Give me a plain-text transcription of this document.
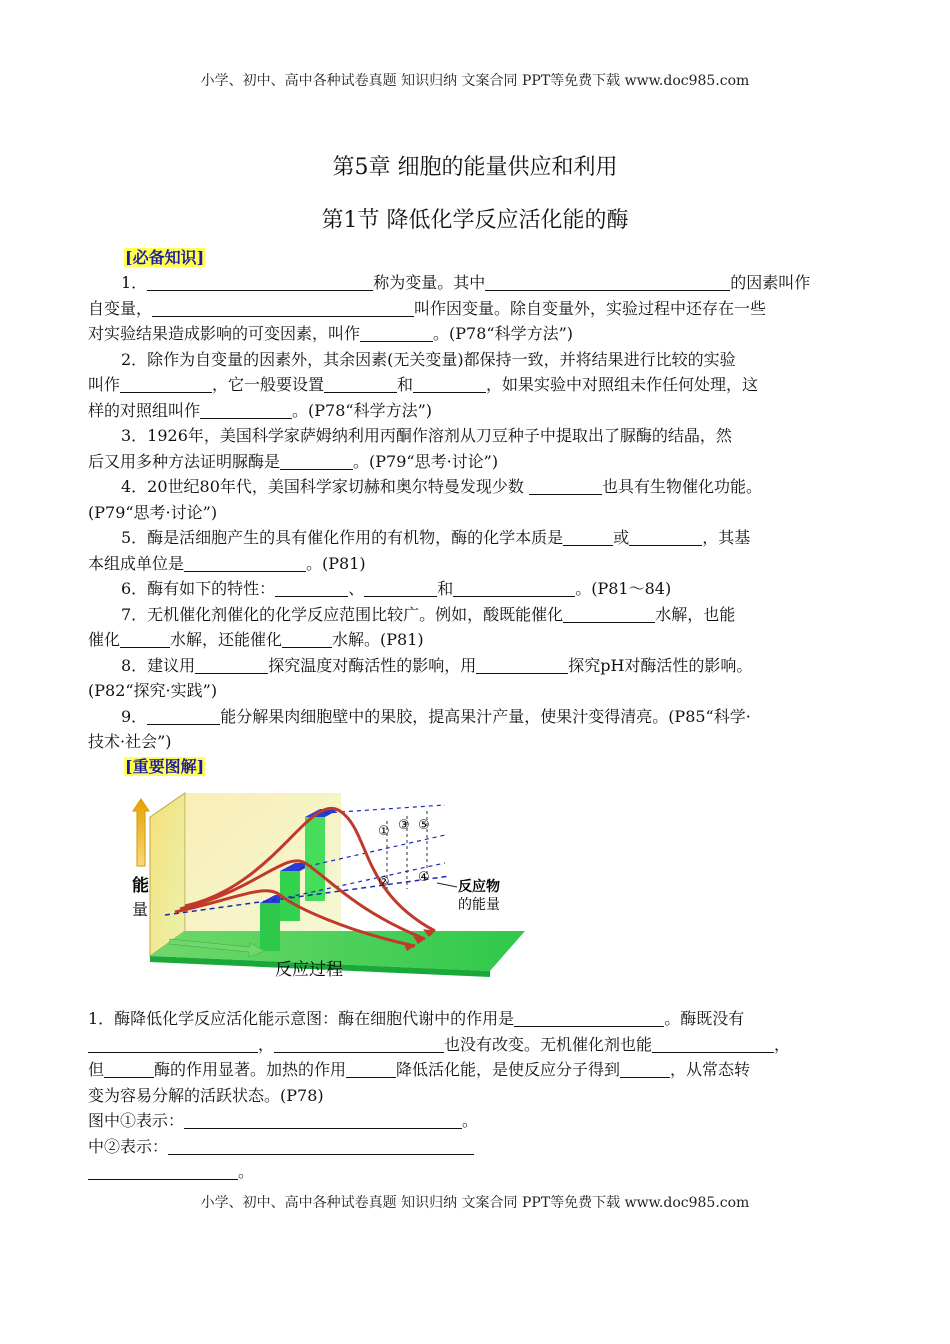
小学、初中、高中各种试卷真题 知识归纳 文案合同 PPT等免费下载 www.doc985.com
第5章 细胞的能量供应和利用
第1节 降低化学反应活化能的酶
[必备知识]

1．	称为变量。其中	的因素叫作

自变量，	叫作因变量。除自变量外，实验过程中还存在一些

对实验结果造成影响的可变因素，叫作	。(P78“科学方法”)

2．除作为自变量的因素外，其余因素(无关变量)都保持一致，并将结果进行比较的实验

叫作	，它一般要设置	和	，如果实验中对照组未作任何处理，这

样的对照组叫作	。(P78“科学方法”)

3．1926年，美国科学家萨姆纳利用丙酮作溶剂从刀豆种子中提取出了脲酶的结晶，然

后又用多种方法证明脲酶是	。(P79“思考·讨论”)

4．20世纪80年代，美国科学家切赫和奥尔特曼发现少数	也具有生物催化功能。

(P79“思考·讨论”)

5．酶是活细胞产生的具有催化作用的有机物，酶的化学本质是	或	，其基

本组成单位是	。(P81)

6．酶有如下的特性：	、	和	。(P81～84)

7．无机催化剂催化的化学反应范围比较广。例如，酸既能催化	水解，也能

催化	水解，还能催化	水解。(P81)

8．建议用	探究温度对酶活性的影响，用	探究pH对酶活性的影响。

(P82“探究·实践”)

9．	能分解果肉细胞壁中的果胶，提高果汁产量，使果汁变得清亮。(P85“科学·

技术·社会”)

[重要图解]
①
②
③
④
⑤
能
量
反应过程
反应物
的能量

1．酶降低化学反应活化能示意图：酶在细胞代谢中的作用是	。酶既没有

，	也没有改变。无机催化剂也能	，

但	酶的作用显著。加热的作用	降低活化能，是使反应分子得到	，从常态转

变为容易分解的活跃状态。(P78)

图中①表示：	。

中②表示：

。

小学、初中、高中各种试卷真题 知识归纳 文案合同 PPT等免费下载 www.doc985.com
